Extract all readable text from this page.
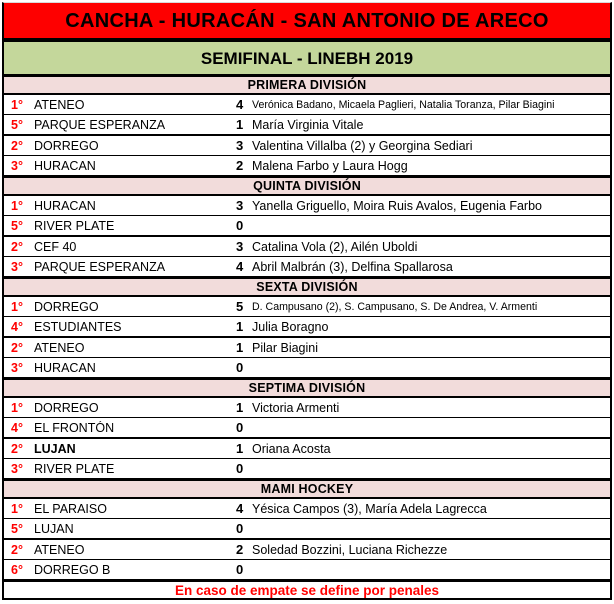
CANCHA - HURACÁN - SAN ANTONIO DE ARECO
SEMIFINAL - LINEBH 2019
PRIMERA DIVISIÓN
1° ATENEO	4 Verónica Badano, Micaela Paglieri, Natalia Toranza, Pilar Biagini
5° PARQUE ESPERANZA	1 María Virginia Vitale
2° DORREGO	3 Valentina Villalba (2) y Georgina Sediari
3° HURACAN	2 Malena Farbo y Laura Hogg
QUINTA DIVISIÓN
1° HURACAN	3 Yanella Griguello, Moira Ruis Avalos, Eugenia Farbo
5° RIVER PLATE	0
2° CEF 40	3 Catalina Vola (2), Ailén Uboldi
3° PARQUE ESPERANZA	4 Abril Malbrán (3), Delfina Spallarosa
SEXTA DIVISIÓN
1° DORREGO	5 D. Campusano (2), S. Campusano, S. De Andrea, V. Armenti
4° ESTUDIANTES	1 Julia Boragno
2° ATENEO	1 Pilar Biagini
3° HURACAN	0
SEPTIMA DIVISIÓN
1° DORREGO	1 Victoria Armenti
4° EL FRONTÓN	0
2° LUJAN	1 Oriana Acosta
3° RIVER PLATE	0
MAMI HOCKEY
1° EL PARAISO	4 Yésica Campos (3), María Adela Lagrecca
5° LUJAN	0
2° ATENEO	2 Soledad Bozzini, Luciana Richezze
6° DORREGO B	0
En caso de empate se define por penales
